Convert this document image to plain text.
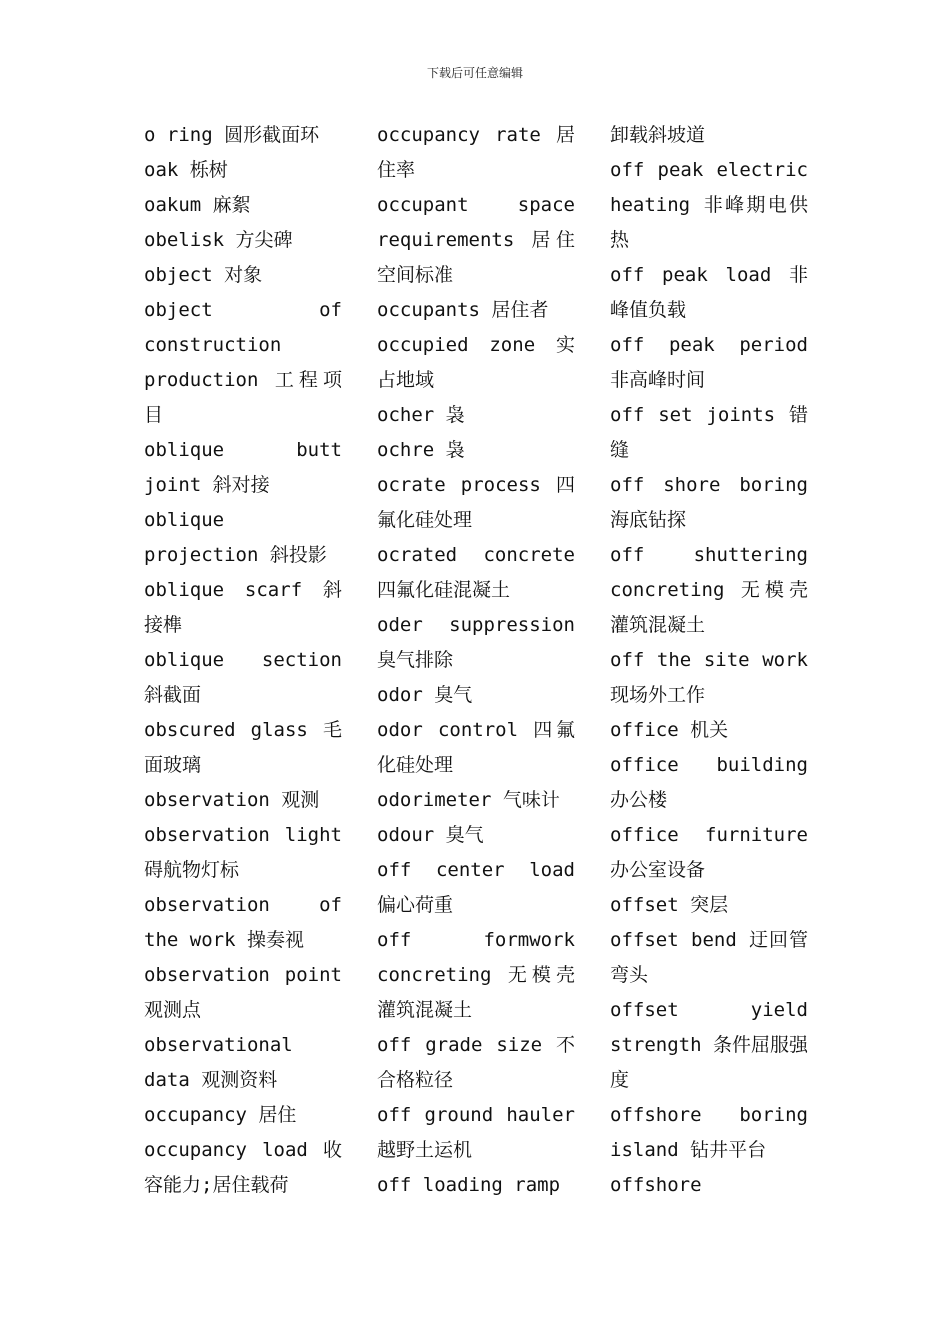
下载后可任意编辑
o ring 圆形截面环
oak 栎树
oakum 麻絮
obelisk 方尖碑
object 对象
object of construction production 工程项目
oblique butt joint 斜对接
oblique projection 斜投影
oblique scarf 斜接榫
oblique section 斜截面
obscured glass 毛面玻璃
observation 观测
observation light 碍航物灯标
observation of the work 操奏视
observation point 观测点
observational data 观测资料
occupancy 居住
occupancy load 收容能力;居住载荷
occupancy rate 居住率
occupant space requirements 居住空间标准
occupants 居住者
occupied zone 实占地域
ocher 袅
ochre 袅
ocrate process 四氟化硅处理
ocrated concrete 四氟化硅混凝土
oder suppression 臭气排除
odor 臭气
odor control 四氟化硅处理
odorimeter 气味计
odour 臭气
off center load 偏心荷重
off formwork concreting 无模壳灌筑混凝土
off grade size 不合格粒径
off ground hauler 越野土运机
off loading ramp
卸载斜坡道
off peak electric heating 非峰期电供热
off peak load 非峰值负载
off peak period 非高峰时间
off set joints 错缝
off shore boring 海底钻探
off shuttering concreting 无模壳灌筑混凝土
off the site work 现场外工作
office 机关
office building 办公楼
office furniture 办公室设备
offset 突层
offset bend 迂回管弯头
offset yield strength 条件屈服强度
offshore boring island 钻井平台
offshore
